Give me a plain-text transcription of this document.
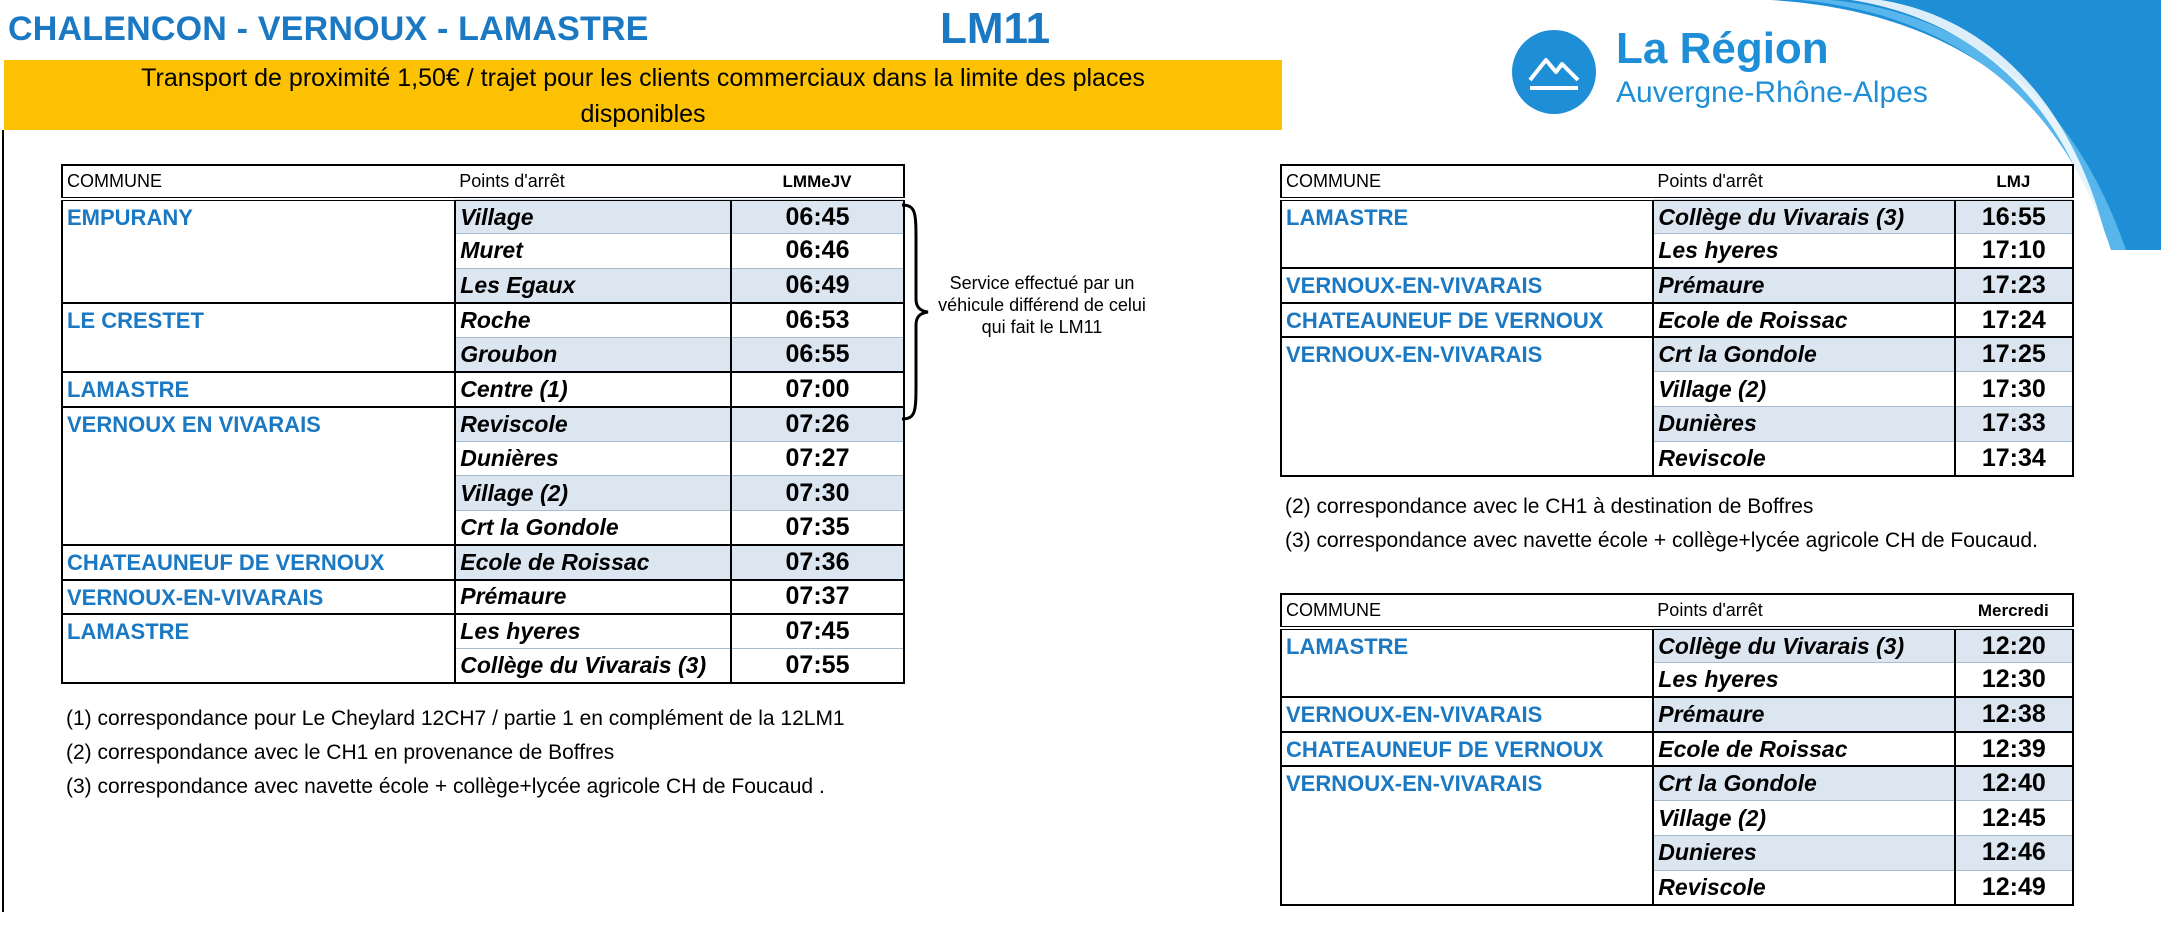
La Région
Auvergne-Rhône-Alpes
CHALENCON - VERNOUX - LAMASTRE	LM11
Transport de proximité 1,50€ / trajet pour les clients commerciaux dans la limite des places
disponibles
COMMUNE	Points d'arrêt	LMMeJV
EMPURANY	Village	06:45
	Muret	06:46
	Les Egaux	06:49
LE CRESTET	Roche	06:53
	Groubon	06:55
LAMASTRE	Centre (1)	07:00
VERNOUX EN VIVARAIS	Reviscole	07:26
	Dunières	07:27
	Village (2)	07:30
	Crt la Gondole	07:35
CHATEAUNEUF DE VERNOUX	Ecole de Roissac	07:36
VERNOUX-EN-VIVARAIS	Prémaure	07:37
LAMASTRE	Les hyeres	07:45
	Collège du Vivarais (3)	07:55
Service effectué par un véhicule différend de celui qui fait le LM11
(1) correspondance pour Le Cheylard 12CH7 / partie 1 en complément de la 12LM1
(2) correspondance avec le CH1 en provenance de Boffres
(3) correspondance avec navette école + collège+lycée agricole CH de Foucaud .
COMMUNE	Points d'arrêt	LMJ
LAMASTRE	Collège du Vivarais (3)	16:55
	Les hyeres	17:10
VERNOUX-EN-VIVARAIS	Prémaure	17:23
CHATEAUNEUF DE VERNOUX	Ecole de Roissac	17:24
VERNOUX-EN-VIVARAIS	Crt la Gondole	17:25
	Village (2)	17:30
	Dunières	17:33
	Reviscole	17:34
(2) correspondance avec le CH1 à destination de Boffres
(3) correspondance avec navette école + collège+lycée agricole CH de Foucaud.
COMMUNE	Points d'arrêt	Mercredi
LAMASTRE	Collège du Vivarais (3)	12:20
	Les hyeres	12:30
VERNOUX-EN-VIVARAIS	Prémaure	12:38
CHATEAUNEUF DE VERNOUX	Ecole de Roissac	12:39
VERNOUX-EN-VIVARAIS	Crt la Gondole	12:40
	Village (2)	12:45
	Dunieres	12:46
	Reviscole	12:49
